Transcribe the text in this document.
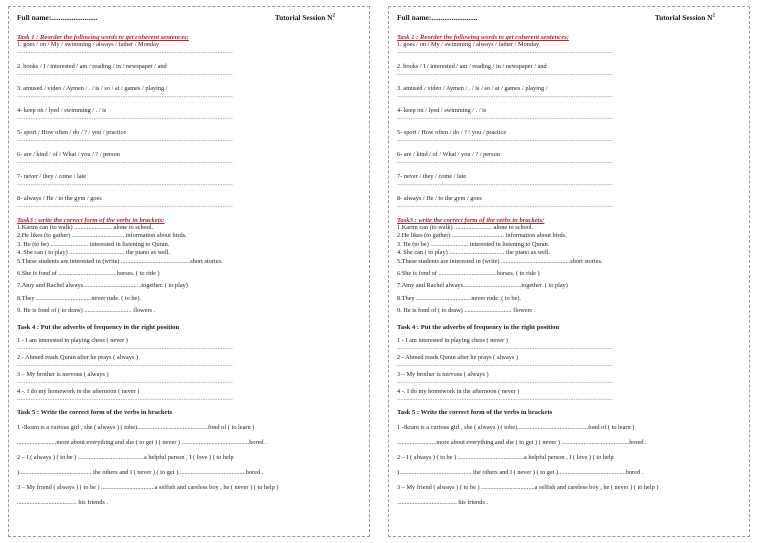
Full name:.........................	Tutorial Session $N^2$
Task 1 : Reorder the following words to get coherent sentences:
1. goes / on / My / swimming / always / father / Monday
...............................................................................................................................
2. books / I / interested / am / reading / in / newspaper / and
...............................................................................................................................
3. amused / video / Aymen / . / is / so / at / games / playing /
...............................................................................................................................
4- keep on / lyed / swimming / . / is
...............................................................................................................................
5- sport / How often / do / ? / you / practice
...............................................................................................................................
6- are / kind / of / What / you / ? / person
...............................................................................................................................
7- never / they / come / late
...............................................................................................................................
8- always / He / to the gym / goes
...............................................................................................................................
Task3 : write the correct form of the verbs in brackets:
1.Karim can (to walk) ........................ alone to school.
2.He likes (to gather) ................................. information about birds.
3. He (to be) ........................ interested in listening to Quran.
4. She can ( to play) ................................... the piano as well.
5.These students are interested in (write) ............................................short stories.
6.She is fond of .....................................horses. ( to ride )
7.Amy and Rachel always.....................................together. ( to play)
8.They ...................................never rude. ( to be).
9. He is fond of ( to draw) .............................. flowers .
Task 4 : Put the adverbs of frequency in the right position
1 - I am interested in playing chess ( never )
...............................................................................................................................
2 - Ahmed reads Quran after he prays ( always )
...............................................................................................................................
3 – My brother is nervous ( always )
...............................................................................................................................
4 -. I do my homework in the afternoon ( never )
...............................................................................................................................
Task 5 : Write the correct form of the verbs in brackets
1 -Ikram is a curious girl , she ( always ) ( tobe).............................................fond of ( to learn )
.........................more about everything and she ( to get ) ( never ) ...........................................bored .
2 – I ( always ) ( to be ) ..........................................a helpful person , I ( love ) ( to help
).............................................. the others and I ( never ) ( to get )...........................................bored .
3 – My friend ( always ) ( to be ) ..................................a selfish and careless boy , he ( never ) ( to help )
...................................... his friends .
Full name:.........................	Tutorial Session $N^2$
Task 1 : Reorder the following words to get coherent sentences:
1. goes / on / My / swimming / always / father / Monday
...............................................................................................................................
2. books / I / interested / am / reading / in / newspaper / and
...............................................................................................................................
3. amused / video / Aymen / . / is / so / at / games / playing /
...............................................................................................................................
4- keep on / lyed / swimming / . / is
...............................................................................................................................
5- sport / How often / do / ? / you / practice
...............................................................................................................................
6- are / kind / of / What / you / ? / person
...............................................................................................................................
7- never / they / come / late
...............................................................................................................................
8- always / He / to the gym / goes
...............................................................................................................................
Task3 : write the correct form of the verbs in brackets:
1.Karim can (to walk) ........................ alone to school.
2.He likes (to gather) ................................. information about birds.
3. He (to be) ........................ interested in listening to Quran.
4. She can ( to play) ................................... the piano as well.
5.These students are interested in (write) ............................................short stories.
6.She is fond of .....................................horses. ( to ride )
7.Amy and Rachel always.....................................together. ( to play)
8.They ...................................never rude. ( to be).
9. He is fond of ( to draw) .............................. flowers .
Task 4 : Put the adverbs of frequency in the right position
1 - I am interested in playing chess ( never )
...............................................................................................................................
2 - Ahmed reads Quran after he prays ( always )
...............................................................................................................................
3 – My brother is nervous ( always )
...............................................................................................................................
4 -. I do my homework in the afternoon ( never )
...............................................................................................................................
Task 5 : Write the correct form of the verbs in brackets
1 -Ikram is a curious girl , she ( always ) ( tobe).............................................fond of ( to learn )
.........................more about everything and she ( to get ) ( never ) ...........................................bored .
2 – I ( always ) ( to be ) ..........................................a helpful person , I ( love ) ( to help
).............................................. the others and I ( never ) ( to get )...........................................bored .
3 – My friend ( always ) ( to be ) ..................................a selfish and careless boy , he ( never ) ( to help )
...................................... his friends .
